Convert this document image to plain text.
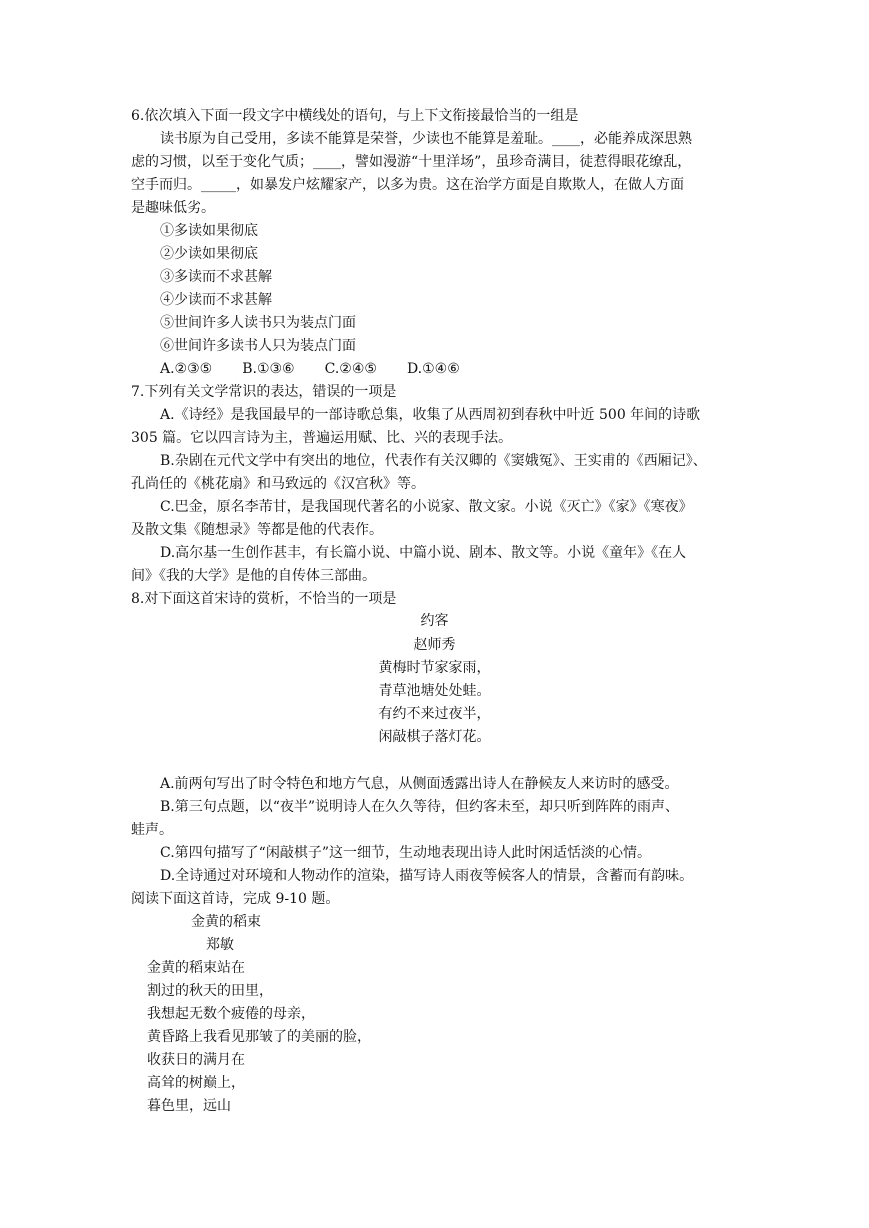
6.依次填入下面一段文字中横线处的语句，与上下文衔接最恰当的一组是
读书原为自己受用，多读不能算是荣誉，少读也不能算是羞耻。____，必能养成深思熟
虑的习惯，以至于变化气质；____，譬如漫游“十里洋场”，虽珍奇满目，徒惹得眼花缭乱，
空手而归。_____，如暴发户炫耀家产，以多为贵。这在治学方面是自欺欺人，在做人方面
是趣味低劣。
①多读如果彻底
②少读如果彻底
③多读而不求甚解
④少读而不求甚解
⑤世间许多人读书只为装点门面
⑥世间许多读书人只为装点门面
A.②③⑤ B.①③⑥ C.②④⑤ D.①④⑥
7.下列有关文学常识的表达，错误的一项是
A.《诗经》是我国最早的一部诗歌总集，收集了从西周初到春秋中叶近 500 年间的诗歌
305 篇。它以四言诗为主，普遍运用赋、比、兴的表现手法。
B.杂剧在元代文学中有突出的地位，代表作有关汉卿的《窦娥冤》、王实甫的《西厢记》、
孔尚任的《桃花扇》和马致远的《汉宫秋》等。
C.巴金，原名李芾甘，是我国现代著名的小说家、散文家。小说《灭亡》《家》《寒夜》
及散文集《随想录》等都是他的代表作。
D.高尔基一生创作甚丰，有长篇小说、中篇小说、剧本、散文等。小说《童年》《在人
间》《我的大学》是他的自传体三部曲。
8.对下面这首宋诗的赏析，不恰当的一项是
约客
赵师秀
黄梅时节家家雨，
青草池塘处处蛙。
有约不来过夜半，
闲敲棋子落灯花。
A.前两句写出了时令特色和地方气息，从侧面透露出诗人在静候友人来访时的感受。
B.第三句点题，以“夜半”说明诗人在久久等待，但约客未至，却只听到阵阵的雨声、
蛙声。
C.第四句描写了“闲敲棋子”这一细节，生动地表现出诗人此时闲适恬淡的心情。
D.全诗通过对环境和人物动作的渲染，描写诗人雨夜等候客人的情景，含蓄而有韵味。
阅读下面这首诗，完成 9-10 题。
金黄的稻束
郑敏
金黄的稻束站在
割过的秋天的田里，
我想起无数个疲倦的母亲，
黄昏路上我看见那皱了的美丽的脸，
收获日的满月在
高耸的树巅上，
暮色里，远山
